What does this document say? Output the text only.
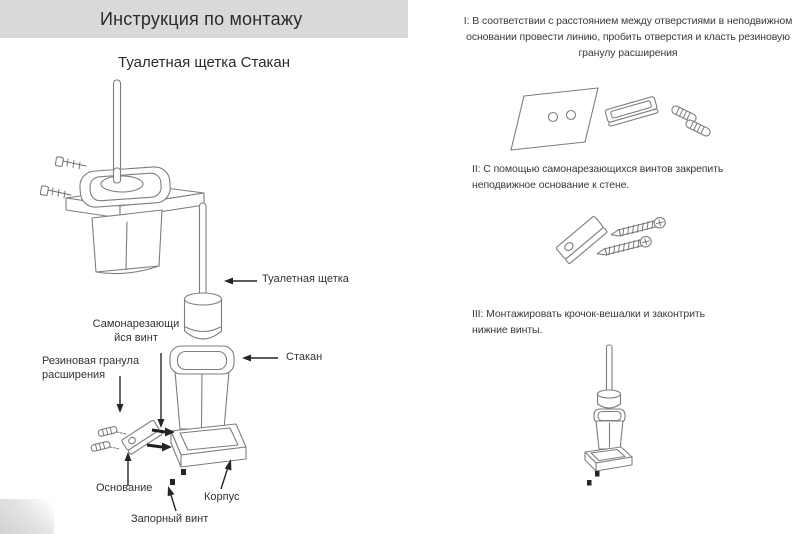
Инструкция по монтажу
Туалетная щетка Стакан
Туалетная щетка
Самонарезающийся винт
Резиновая гранула расширения
Стакан
Основание
Корпус
Запорный винт
I: В соответствии с расстоянием между отверстиями в неподвижном основании провести линию, пробить отверстия и класть резиновую гранулу расширения
II: С помощью самонарезающихся винтов закрепить неподвижное основание к стене.
III: Монтажировать крочок-вешалки и законтрить нижние винты.
